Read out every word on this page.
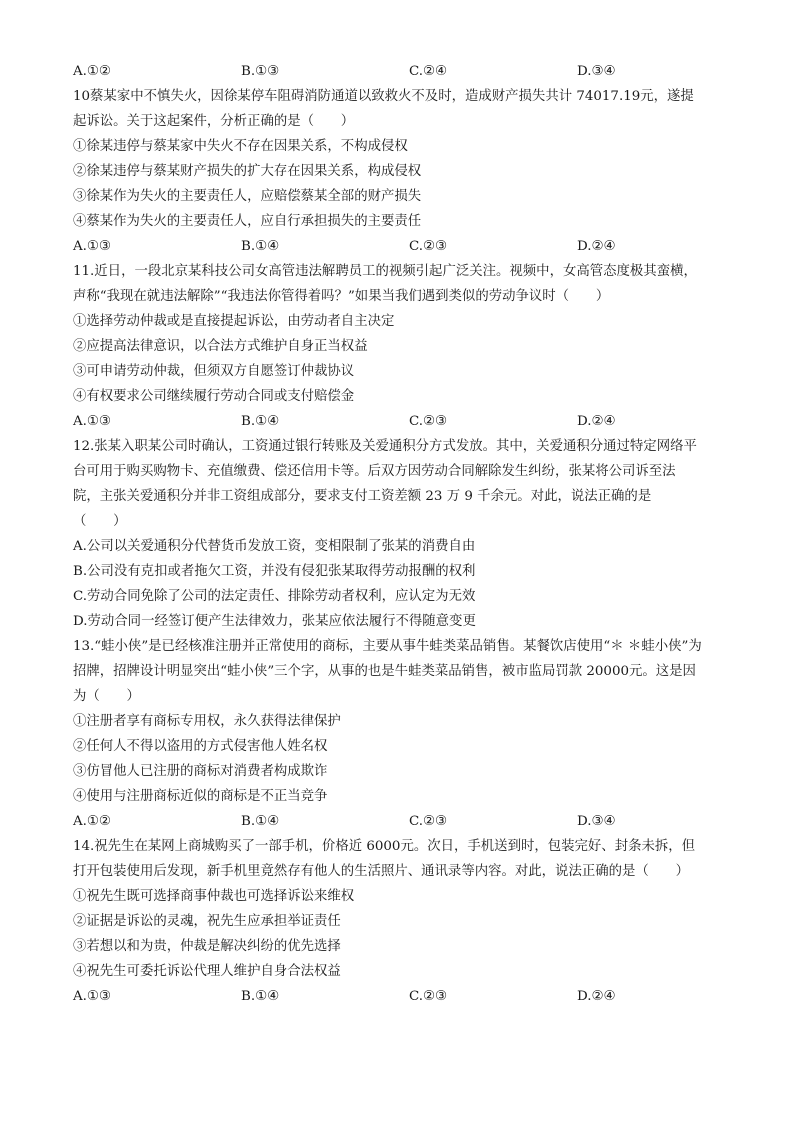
A.①②	B.①③	C.②④	D.③④
10蔡某家中不慎失火，因徐某停车阻碍消防通道以致救火不及时，造成财产损失共计 74017.19元，遂提
起诉讼。关于这起案件，分析正确的是（　　）
①徐某违停与蔡某家中失火不存在因果关系，不构成侵权
②徐某违停与蔡某财产损失的扩大存在因果关系，构成侵权
③徐某作为失火的主要责任人，应赔偿蔡某全部的财产损失
④蔡某作为失火的主要责任人，应自行承担损失的主要责任
A.①③	B.①④	C.②③	D.②④
11.近日，一段北京某科技公司女高管违法解聘员工的视频引起广泛关注。视频中，女高管态度极其蛮横，
声称“我现在就违法解除”“我违法你管得着吗？”如果当我们遇到类似的劳动争议时（　　）
①选择劳动仲裁或是直接提起诉讼，由劳动者自主决定
②应提高法律意识，以合法方式维护自身正当权益
③可申请劳动仲裁，但须双方自愿签订仲裁协议
④有权要求公司继续履行劳动合同或支付赔偿金
A.①③	B.①④	C.②③	D.②④
12.张某入职某公司时确认，工资通过银行转账及关爱通积分方式发放。其中，关爱通积分通过特定网络平
台可用于购买购物卡、充值缴费、偿还信用卡等。后双方因劳动合同解除发生纠纷，张某将公司诉至法
院，主张关爱通积分并非工资组成部分，要求支付工资差额 23 万 9 千余元。对此，说法正确的是
（　　）
A.公司以关爱通积分代替货币发放工资，变相限制了张某的消费自由
B.公司没有克扣或者拖欠工资，并没有侵犯张某取得劳动报酬的权利
C.劳动合同免除了公司的法定责任、排除劳动者权利，应认定为无效
D.劳动合同一经签订便产生法律效力，张某应依法履行不得随意变更
13.“蛙小侠”是已经核准注册并正常使用的商标，主要从事牛蛙类菜品销售。某餐饮店使用“＊ ＊蛙小侠”为
招牌，招牌设计明显突出“蛙小侠”三个字，从事的也是牛蛙类菜品销售，被市监局罚款 20000元。这是因
为（　　）
①注册者享有商标专用权，永久获得法律保护
②任何人不得以盗用的方式侵害他人姓名权
③仿冒他人已注册的商标对消费者构成欺诈
④使用与注册商标近似的商标是不正当竞争
A.①②	B.①④	C.②③	D.③④
14.祝先生在某网上商城购买了一部手机，价格近 6000元。次日，手机送到时，包装完好、封条未拆，但
打开包装使用后发现，新手机里竟然存有他人的生活照片、通讯录等内容。对此，说法正确的是（　　）
①祝先生既可选择商事仲裁也可选择诉讼来维权
②证据是诉讼的灵魂，祝先生应承担举证责任
③若想以和为贵，仲裁是解决纠纷的优先选择
④祝先生可委托诉讼代理人维护自身合法权益
A.①③	B.①④	C.②③	D.②④
